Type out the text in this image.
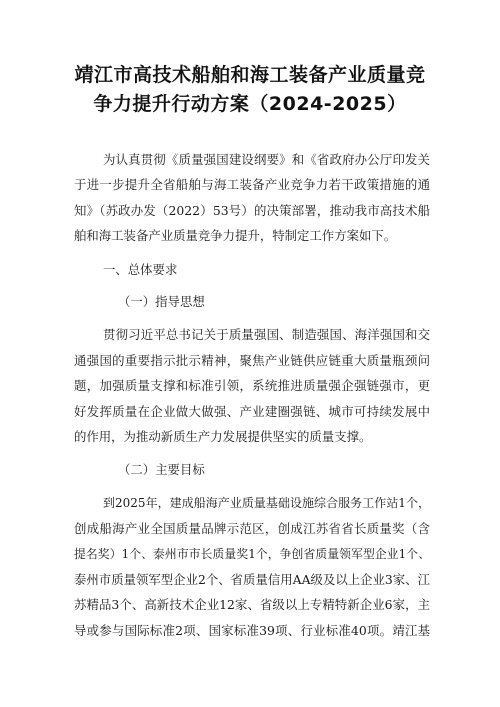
靖江市高技术船舶和海工装备产业质量竞
争力提升行动方案（2024-2025）
为认真贯彻《质量强国建设纲要》和《省政府办公厅印发关
于进一步提升全省船舶与海工装备产业竞争力若干政策措施的通
知》（苏政办发（2022）53号）的决策部署，推动我市高技术船
舶和海工装备产业质量竞争力提升，特制定工作方案如下。
一、总体要求
（一）指导思想
贯彻习近平总书记关于质量强国、制造强国、海洋强国和交
通强国的重要指示批示精神，聚焦产业链供应链重大质量瓶颈问
题，加强质量支撑和标准引领，系统推进质量强企强链强市，更
好发挥质量在企业做大做强、产业建圈强链、城市可持续发展中
的作用，为推动新质生产力发展提供坚实的质量支撑。
（二）主要目标
到2025年，建成船海产业质量基础设施综合服务工作站1个，
创成船海产业全国质量品牌示范区，创成江苏省省长质量奖（含
提名奖）1个、泰州市市长质量奖1个，争创省质量领军型企业1个、
泰州市质量领军型企业2个、省质量信用AA级及以上企业3家、江
苏精品3个、高新技术企业12家、省级以上专精特新企业6家，主
导或参与国际标准2项、国家标准39项、行业标准40项。靖江基
